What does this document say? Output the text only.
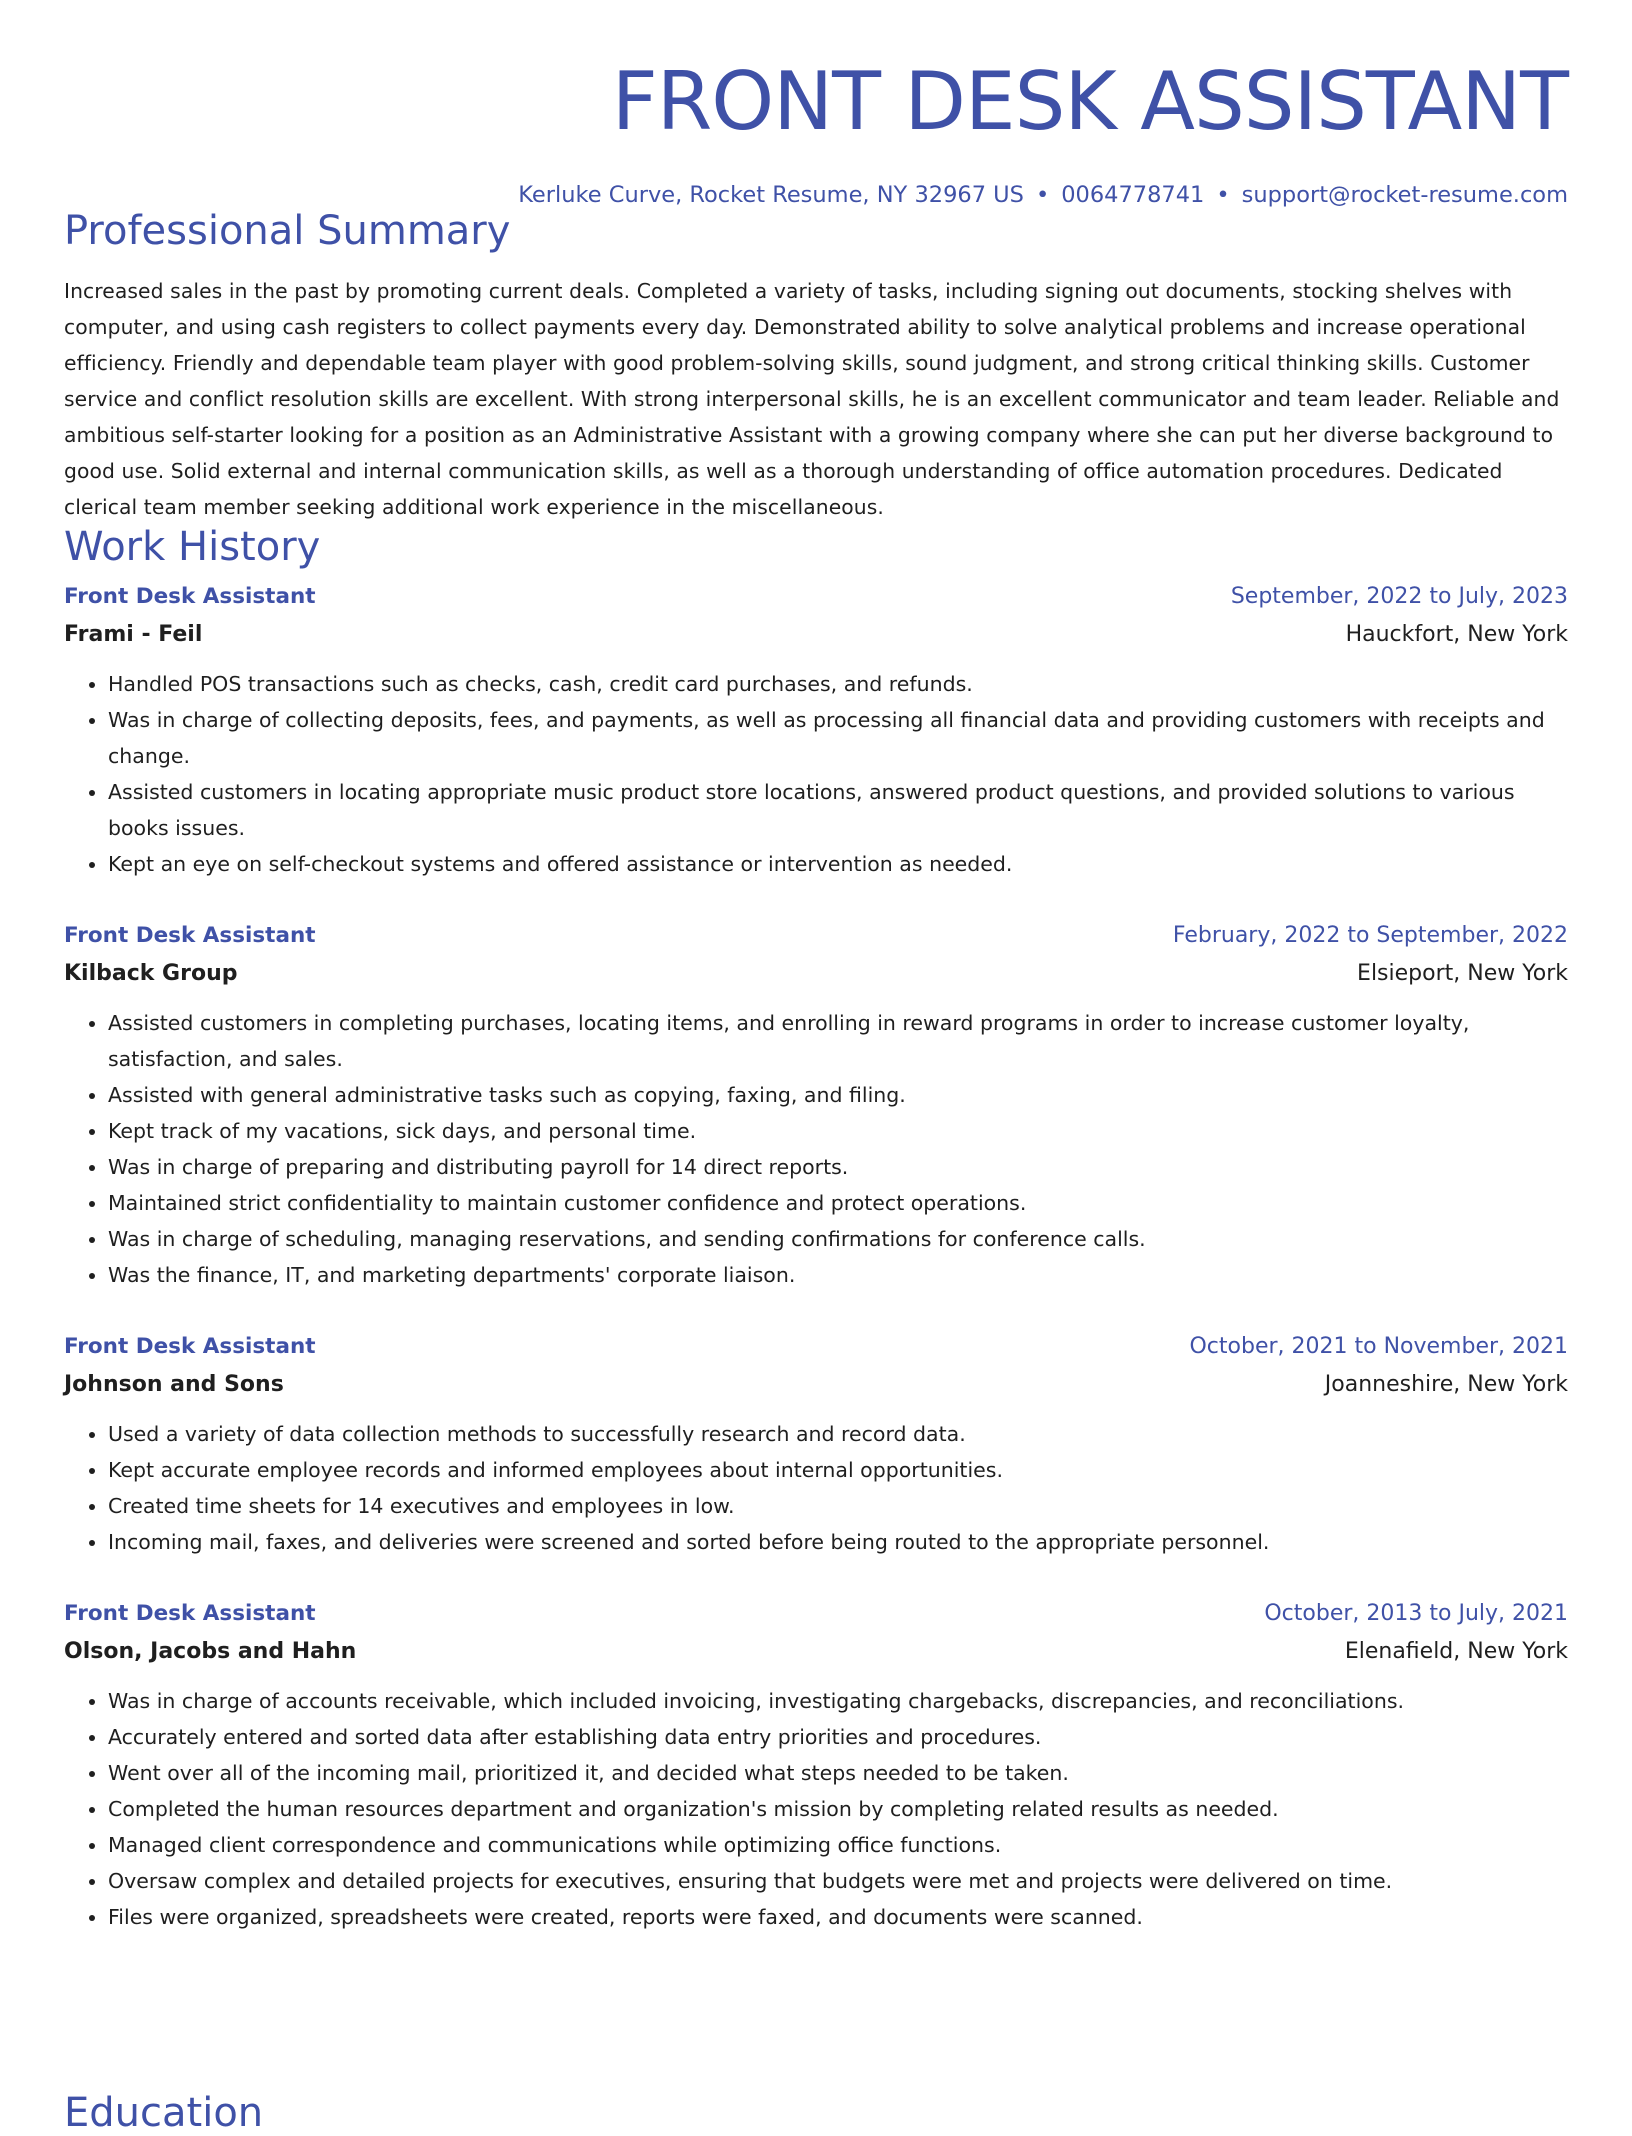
FRONT DESK ASSISTANT
Kerluke Curve, Rocket Resume, NY 32967 US • 0064778741 • support@rocket-resume.com
Professional Summary
Increased sales in the past by promoting current deals. Completed a variety of tasks, including signing out documents, stocking shelves with computer, and using cash registers to collect payments every day. Demonstrated ability to solve analytical problems and increase operational efficiency. Friendly and dependable team player with good problem-solving skills, sound judgment, and strong critical thinking skills. Customer service and conflict resolution skills are excellent. With strong interpersonal skills, he is an excellent communicator and team leader. Reliable and ambitious self-starter looking for a position as an Administrative Assistant with a growing company where she can put her diverse background to good use. Solid external and internal communication skills, as well as a thorough understanding of office automation procedures. Dedicated clerical team member seeking additional work experience in the miscellaneous.
Work History
Front Desk Assistant	September, 2022 to July, 2023
Frami - Feil	Hauckfort, New York
• Handled POS transactions such as checks, cash, credit card purchases, and refunds.
• Was in charge of collecting deposits, fees, and payments, as well as processing all financial data and providing customers with receipts and change.
• Assisted customers in locating appropriate music product store locations, answered product questions, and provided solutions to various books issues.
• Kept an eye on self-checkout systems and offered assistance or intervention as needed.
Front Desk Assistant	February, 2022 to September, 2022
Kilback Group	Elsieport, New York
• Assisted customers in completing purchases, locating items, and enrolling in reward programs in order to increase customer loyalty, satisfaction, and sales.
• Assisted with general administrative tasks such as copying, faxing, and filing.
• Kept track of my vacations, sick days, and personal time.
• Was in charge of preparing and distributing payroll for 14 direct reports.
• Maintained strict confidentiality to maintain customer confidence and protect operations.
• Was in charge of scheduling, managing reservations, and sending confirmations for conference calls.
• Was the finance, IT, and marketing departments' corporate liaison.
Front Desk Assistant	October, 2021 to November, 2021
Johnson and Sons	Joanneshire, New York
• Used a variety of data collection methods to successfully research and record data.
• Kept accurate employee records and informed employees about internal opportunities.
• Created time sheets for 14 executives and employees in low.
• Incoming mail, faxes, and deliveries were screened and sorted before being routed to the appropriate personnel.
Front Desk Assistant	October, 2013 to July, 2021
Olson, Jacobs and Hahn	Elenafield, New York
• Was in charge of accounts receivable, which included invoicing, investigating chargebacks, discrepancies, and reconciliations.
• Accurately entered and sorted data after establishing data entry priorities and procedures.
• Went over all of the incoming mail, prioritized it, and decided what steps needed to be taken.
• Completed the human resources department and organization's mission by completing related results as needed.
• Managed client correspondence and communications while optimizing office functions.
• Oversaw complex and detailed projects for executives, ensuring that budgets were met and projects were delivered on time.
• Files were organized, spreadsheets were created, reports were faxed, and documents were scanned.
Education
